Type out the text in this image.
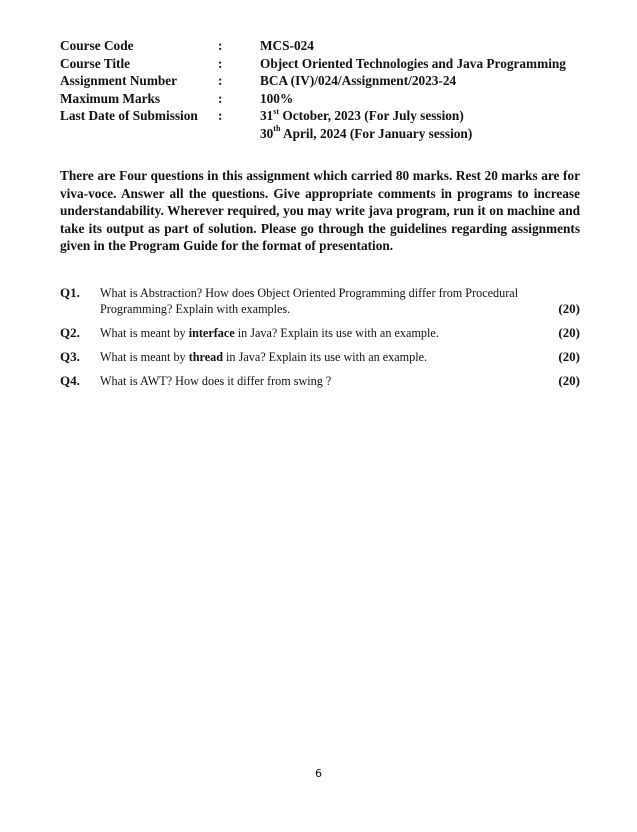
Course Code	:	MCS-024
Course Title	:	Object Oriented Technologies and Java Programming
Assignment Number	:	BCA (IV)/024/Assignment/2023-24
Maximum Marks	:	100%
Last Date of Submission	:	31st October, 2023 (For July session)
30th April, 2024 (For January session)
There are Four questions in this assignment which carried 80 marks. Rest 20 marks are for viva-voce. Answer all the questions. Give appropriate comments in programs to increase understandability. Wherever required, you may write java program, run it on machine and take its output as part of solution. Please go through the guidelines regarding assignments given in the Program Guide for the format of presentation.
Q1.	What is Abstraction? How does Object Oriented Programming differ from Procedural Programming? Explain with examples.	(20)
Q2.	What is meant by interface in Java? Explain its use with an example.	(20)
Q3.	What is meant by thread in Java? Explain its use with an example.	(20)
Q4.	What is AWT? How does it differ from swing ?	(20)
6
